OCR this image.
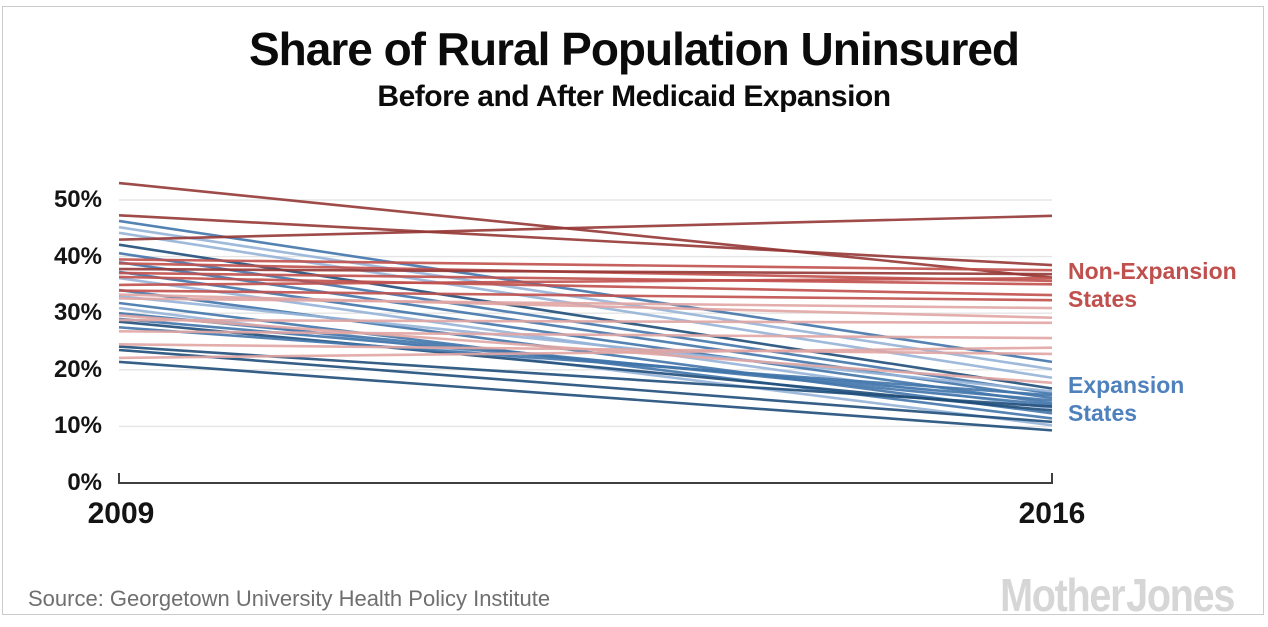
Share of Rural Population Uninsured
Before and After Medicaid Expansion
0%
10%
20%
30%
40%
50%
2009	2016
Non-Expansion
States
Expansion
States
Source: Georgetown University Health Policy Institute	Mother Jones
